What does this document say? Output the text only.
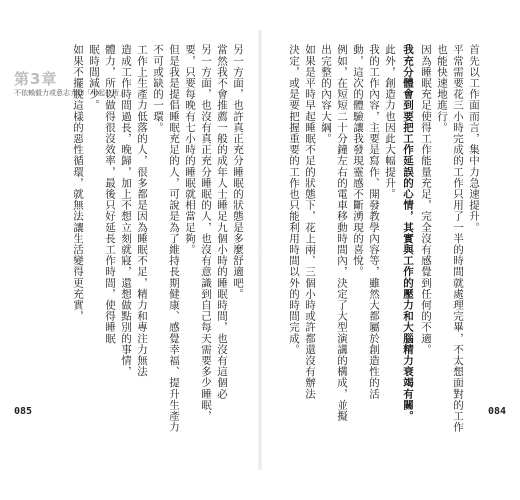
第3章
不依賴毅力或意志力的「早起技術」
如果不擺脫這樣的惡性循環，就無法讓生活變得更充實， 眠時間減少。 體力，所以做得很沒效率，最後只好延長工作時間，使得睡眠 造成工作時間過長，晚歸，加上不想立刻就寢，還想做點別的事情， 工作上生產力低落的人，很多都是因為睡眠不足，精力和專注力無法 不可或缺的一環。 但是我是提倡睡眠充足的人，可說是為了維持長期健康、感覺幸福、提升生產力 要，只要每晚有七小時的睡眠就相當足夠。 另一方面，也沒有真正充分睡眠的人，也沒有意識到自己每天需要多少睡眠， 當然我不會推薦一般的成年人士睡足九個小時的睡眠時間，也沒有這個必 另一方面，也許真正充分睡眠的狀態是多麼舒適吧。
085
首先以工作面而言，集中力急速提升。
平常需要花三小時完成的工作只用了一半的時間就處理完畢，不太想面對的工作
也能快速地進行。
因為睡眠充足使得工作能量充足，完全沒有感覺到任何的不適。
我充分體會到要把工作延誤的心情，其實與工作的壓力和大腦精力衰竭有關。
此外，創造力也因此大幅提升。
我的工作內容，主要是寫作、開發教學內容等，雖然大都屬於創造性的活
動，這次的體驗讓我發現靈感不斷湧現的喜悅。
例如，在短短二十分鐘左右的電車移動時間內，決定了大型演講的構成，並擬
出完整的內容大綱。
如果是平時早起睡眠不足的狀態下，花上兩、三個小時或許都還沒有辦法
決定，或是要把握重要的工作也只能利用時間以外的時間完成。
084
